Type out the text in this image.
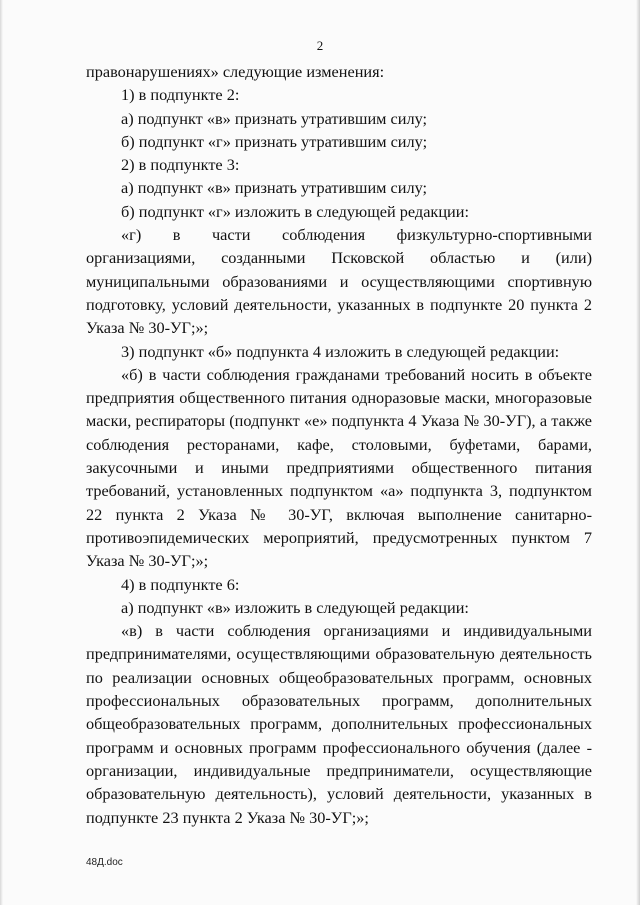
2

правонарушениях» следующие изменения:

1) в подпункте 2:

а) подпункт «в» признать утратившим силу;

б) подпункт «г» признать утратившим силу;

2) в подпункте 3:

а) подпункт «в» признать утратившим силу;

б) подпункт «г» изложить в следующей редакции:

«г) в части соблюдения физкультурно-спортивными организациями, созданными Псковской областью и (или) муниципальными образованиями и осуществляющими спортивную подготовку, условий деятельности, указанных в подпункте 20 пункта 2 Указа № 30-УГ;»;

3) подпункт «б» подпункта 4 изложить в следующей редакции:

«б) в части соблюдения гражданами требований носить в объекте предприятия общественного питания одноразовые маски, многоразовые маски, респираторы (подпункт «е» подпункта 4 Указа № 30-УГ), а также соблюдения ресторанами, кафе, столовыми, буфетами, барами, закусочными и иными предприятиями общественного питания требований, установленных подпунктом «а» подпункта 3, подпунктом 22 пункта 2 Указа № 30-УГ, включая выполнение санитарно-противоэпидемических мероприятий, предусмотренных пунктом 7 Указа № 30-УГ;»;

4) в подпункте 6:

а) подпункт «в» изложить в следующей редакции:

«в) в части соблюдения организациями и индивидуальными предпринимателями, осуществляющими образовательную деятельность по реализации основных общеобразовательных программ, основных профессиональных образовательных программ, дополнительных общеобразовательных программ, дополнительных профессиональных программ и основных программ профессионального обучения (далее - организации, индивидуальные предприниматели, осуществляющие образовательную деятельность), условий деятельности, указанных в подпункте 23 пункта 2 Указа № 30-УГ;»;

48Д.doc
